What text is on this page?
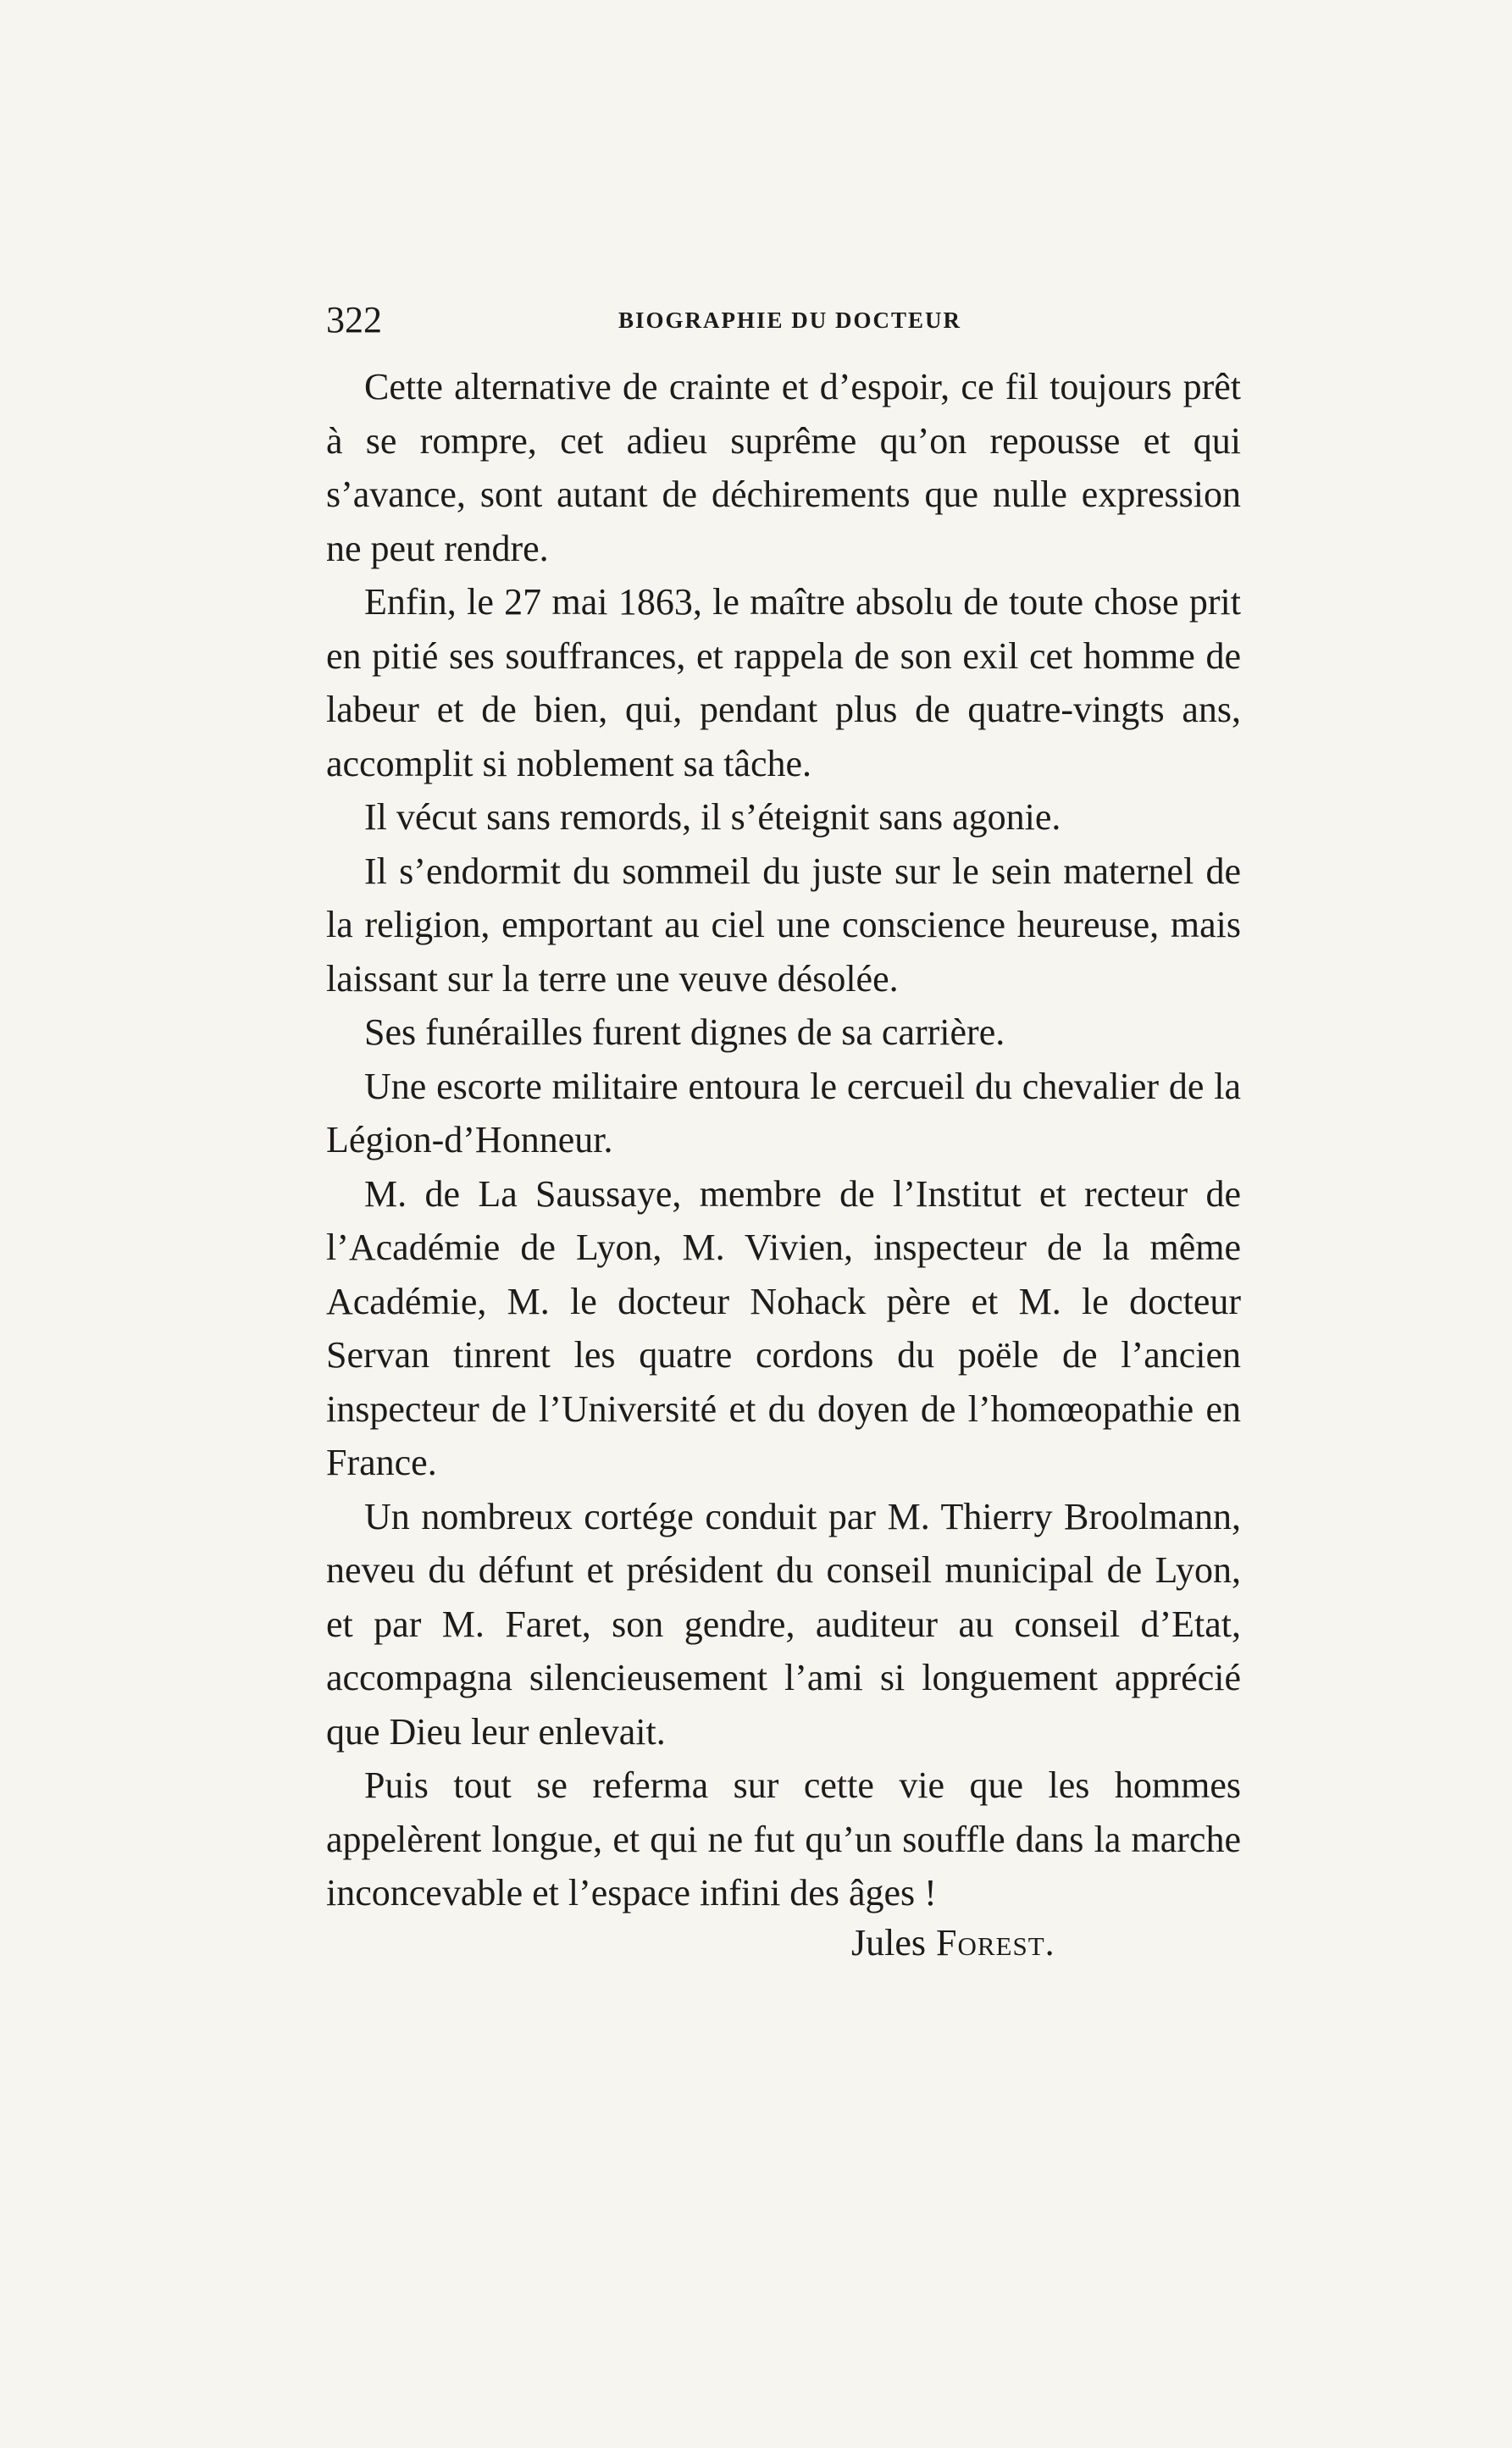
322	BIOGRAPHIE DU DOCTEUR

Cette alternative de crainte et d’espoir, ce fil toujours prêt à se rompre, cet adieu suprême qu’on repousse et qui s’avance, sont autant de déchirements que nulle expression ne peut rendre.

Enfin, le 27 mai 1863, le maître absolu de toute chose prit en pitié ses souffrances, et rappela de son exil cet homme de labeur et de bien, qui, pendant plus de quatre-vingts ans, accomplit si noblement sa tâche.

Il vécut sans remords, il s’éteignit sans agonie.

Il s’endormit du sommeil du juste sur le sein maternel de la religion, emportant au ciel une conscience heureuse, mais laissant sur la terre une veuve désolée.

Ses funérailles furent dignes de sa carrière.

Une escorte militaire entoura le cercueil du chevalier de la Légion-d’Honneur.

M. de La Saussaye, membre de l’Institut et recteur de l’Académie de Lyon, M. Vivien, inspecteur de la même Académie, M. le docteur Nohack père et M. le docteur Servan tinrent les quatre cordons du poële de l’ancien inspecteur de l’Université et du doyen de l’homœopathie en France.

Un nombreux cortége conduit par M. Thierry Broolmann, neveu du défunt et président du conseil municipal de Lyon, et par M. Faret, son gendre, auditeur au conseil d’Etat, accompagna silencieusement l’ami si longuement apprécié que Dieu leur enlevait.

Puis tout se referma sur cette vie que les hommes appelèrent longue, et qui ne fut qu’un souffle dans la marche inconcevable et l’espace infini des âges !

Jules Forest.
